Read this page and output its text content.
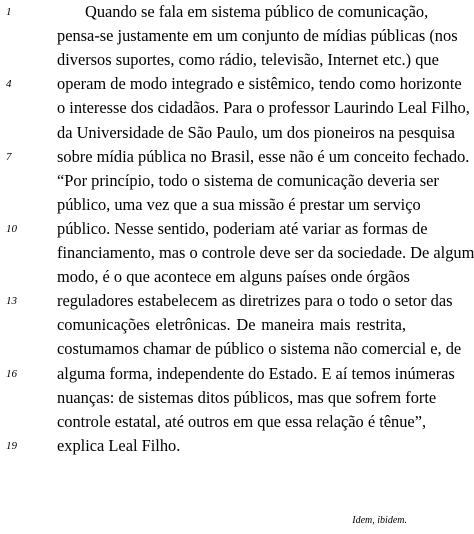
1	Quando se fala em sistema público de comunicação,
pensa-se justamente em um conjunto de mídias públicas (nos
diversos suportes, como rádio, televisão, Internet etc.) que
4	operam de modo integrado e sistêmico, tendo como horizonte
o interesse dos cidadãos. Para o professor Laurindo Leal Filho,
da Universidade de São Paulo, um dos pioneiros na pesquisa
7	sobre mídia pública no Brasil, esse não é um conceito fechado.
“Por princípio, todo o sistema de comunicação deveria ser
público, uma vez que a sua missão é prestar um serviço
10	público. Nesse sentido, poderiam até variar as formas de
financiamento, mas o controle deve ser da sociedade. De algum
modo, é o que acontece em alguns países onde órgãos
13	reguladores estabelecem as diretrizes para o todo o setor das
comunicações eletrônicas. De maneira mais restrita,
costumamos chamar de público o sistema não comercial e, de
16	alguma forma, independente do Estado. E aí temos inúmeras
nuanças: de sistemas ditos públicos, mas que sofrem forte
controle estatal, até outros em que essa relação é tênue”,
19	explica Leal Filho.
Idem, ibidem.
